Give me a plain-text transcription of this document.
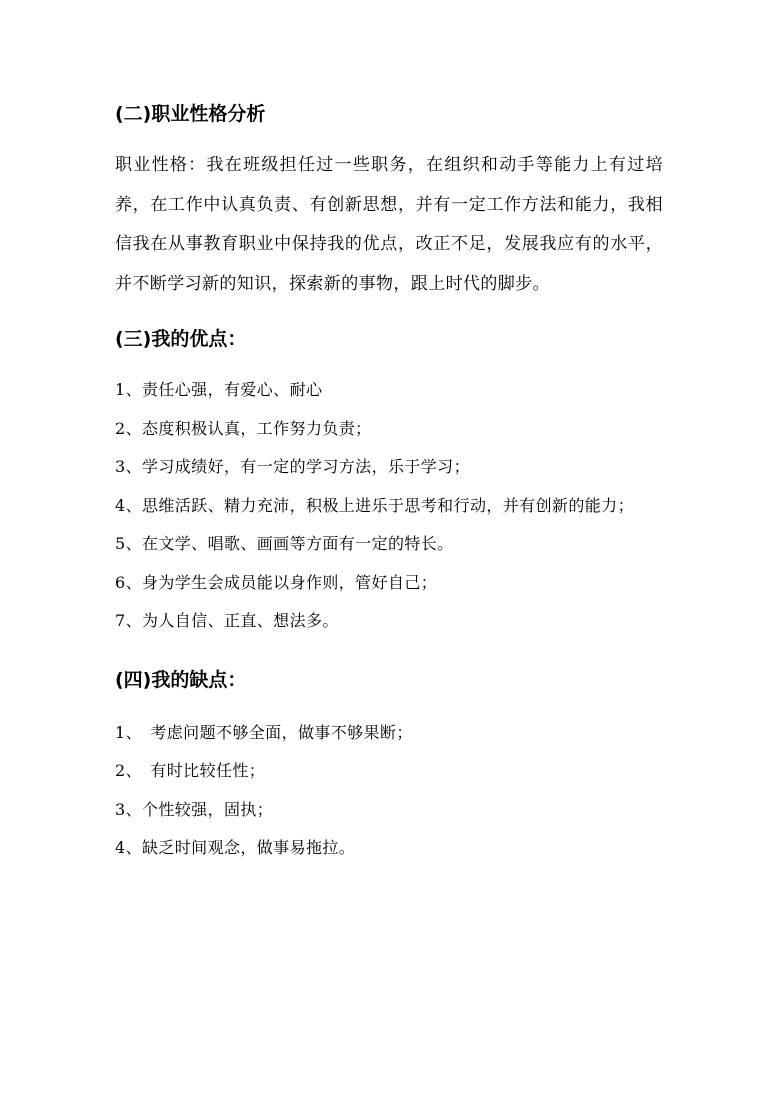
(二)职业性格分析

职业性格：我在班级担任过一些职务，在组织和动手等能力上有过培养，在工作中认真负责、有创新思想，并有一定工作方法和能力，我相信我在从事教育职业中保持我的优点，改正不足，发展我应有的水平，并不断学习新的知识，探索新的事物，跟上时代的脚步。

(三)我的优点：
1、责任心强，有爱心、耐心
2、态度积极认真，工作努力负责；
3、学习成绩好，有一定的学习方法，乐于学习；
4、思维活跃、精力充沛，积极上进乐于思考和行动，并有创新的能力；
5、在文学、唱歌、画画等方面有一定的特长。
6、身为学生会成员能以身作则，管好自己；
7、为人自信、正直、想法多。
(四)我的缺点：
1、　考虑问题不够全面，做事不够果断；
2、　有时比较任性；
3、个性较强，固执；
4、缺乏时间观念，做事易拖拉。
